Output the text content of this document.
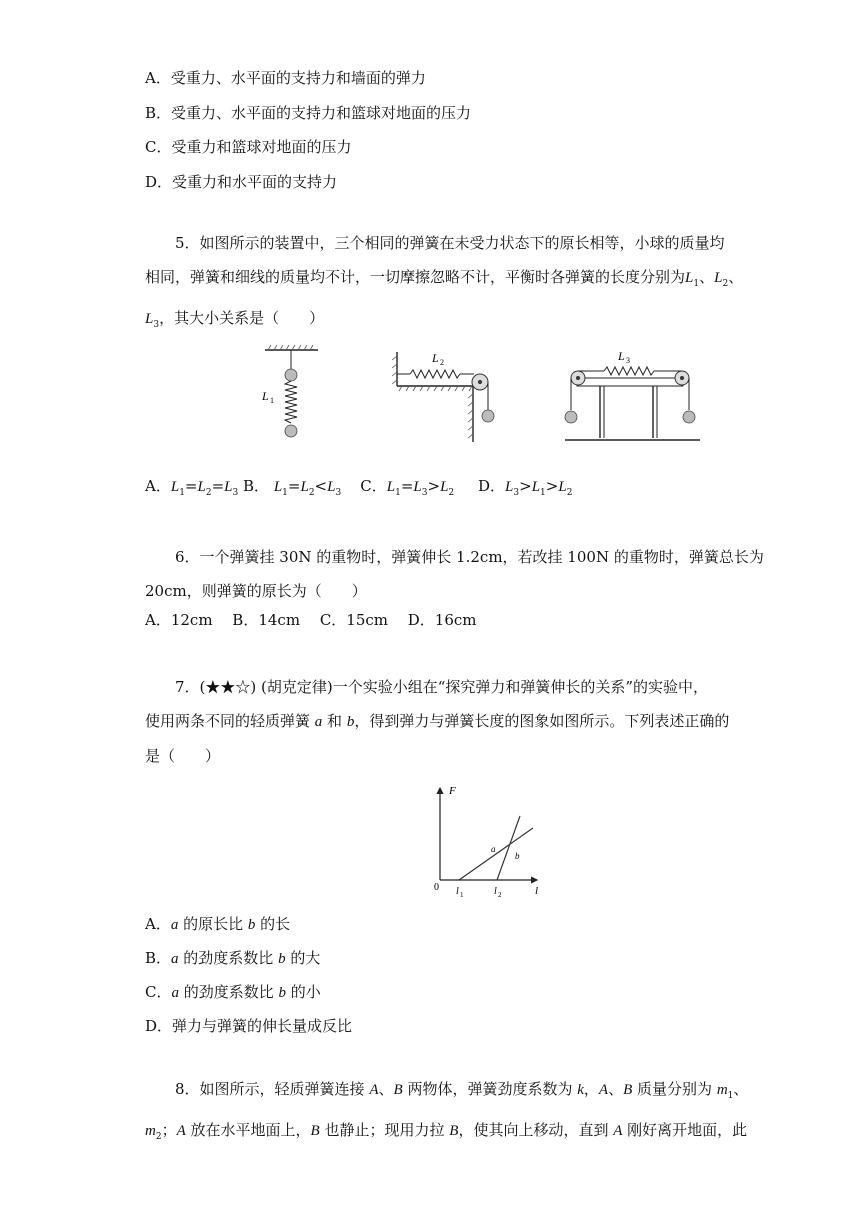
A．受重力、水平面的支持力和墙面的弹力
B．受重力、水平面的支持力和篮球对地面的压力
C．受重力和篮球对地面的压力
D．受重力和水平面的支持力
5．如图所示的装置中，三个相同的弹簧在未受力状态下的原长相等，小球的质量均
相同，弹簧和细线的质量均不计，一切摩擦忽略不计，平衡时各弹簧的长度分别为$L_1$、$L_2$、
$L_3$，其大小关系是（　　）
L 1
L 2	L 3
A．$L_1=L_2=L_3$ B． $L_1=L_2<L_3$ C．$L_1=L_3>L_2$ D．$L_3>L_1>L_2$
6．一个弹簧挂 30N 的重物时，弹簧伸长 1.2cm，若改挂 100N 的重物时，弹簧总长为
20cm，则弹簧的原长为（　　）
A．12cm　 B．14cm　 C．15cm　 D．16cm
7．(★★☆) (胡克定律)一个实验小组在“探究弹力和弹簧伸长的关系”的实验中，
使用两条不同的轻质弹簧 a 和 b，得到弹力与弹簧长度的图象如图所示。下列表述正确的
是（　　）
F
l
0 l 1	l 2
a
b
A．a 的原长比 b 的长
B．a 的劲度系数比 b 的大
C．a 的劲度系数比 b 的小
D．弹力与弹簧的伸长量成反比
8．如图所示，轻质弹簧连接 A、B 两物体，弹簧劲度系数为 k，A、B 质量分别为 $m_1$、
$m_2$；A 放在水平地面上，B 也静止；现用力拉 B，使其向上移动，直到 A 刚好离开地面，此
